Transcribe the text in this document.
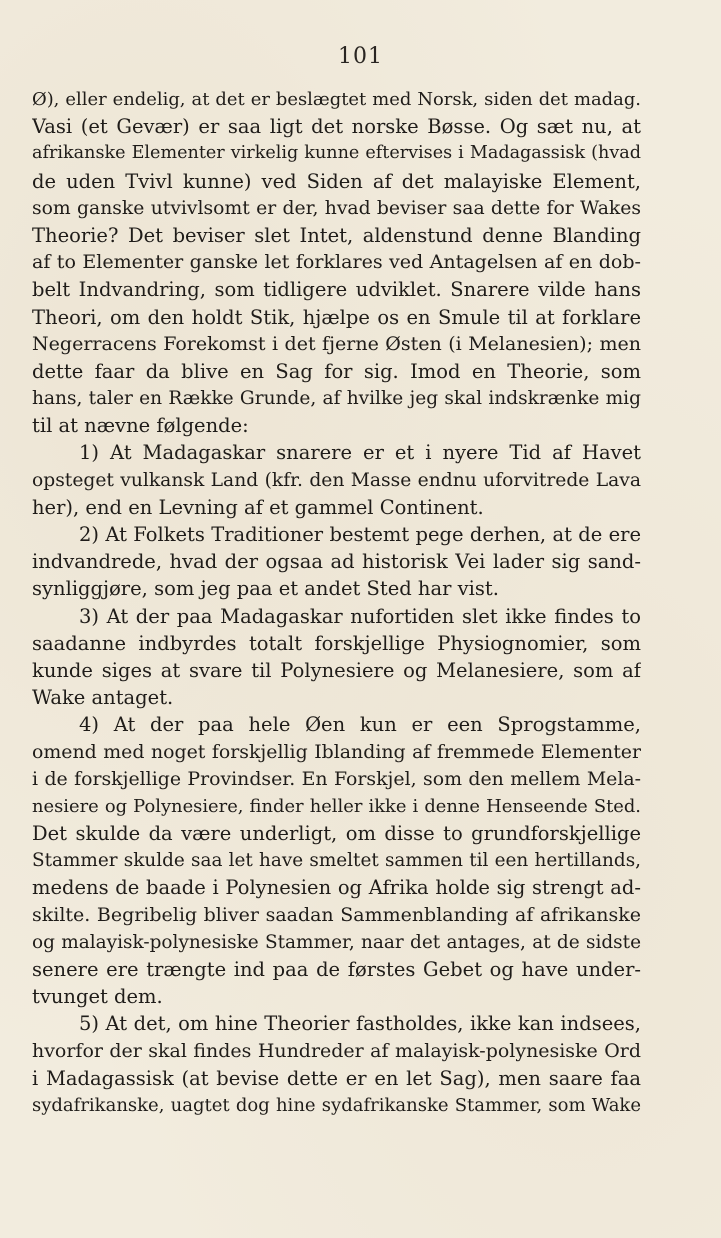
101
Ø), eller endelig, at det er beslægtet med Norsk, siden det madag.
Vasi (et Gevær) er saa ligt det norske Bøsse. Og sæt nu, at
afrikanske Elementer virkelig kunne eftervises i Madagassisk (hvad
de uden Tvivl kunne) ved Siden af det malayiske Element,
som ganske utvivlsomt er der, hvad beviser saa dette for Wakes
Theorie? Det beviser slet Intet, aldenstund denne Blanding
af to Elementer ganske let forklares ved Antagelsen af en dob-
belt Indvandring, som tidligere udviklet. Snarere vilde hans
Theori, om den holdt Stik, hjælpe os en Smule til at forklare
Negerracens Forekomst i det fjerne Østen (i Melanesien); men
dette faar da blive en Sag for sig. Imod en Theorie, som
hans, taler en Række Grunde, af hvilke jeg skal indskrænke mig
til at nævne følgende:
1) At Madagaskar snarere er et i nyere Tid af Havet
opsteget vulkansk Land (kfr. den Masse endnu uforvitrede Lava
her), end en Levning af et gammel Continent.
2) At Folkets Traditioner bestemt pege derhen, at de ere
indvandrede, hvad der ogsaa ad historisk Vei lader sig sand-
synliggjøre, som jeg paa et andet Sted har vist.
3) At der paa Madagaskar nufortiden slet ikke findes to
saadanne indbyrdes totalt forskjellige Physiognomier, som
kunde siges at svare til Polynesiere og Melanesiere, som af
Wake antaget.
4) At der paa hele Øen kun er een Sprogstamme,
omend med noget forskjellig Iblanding af fremmede Elementer
i de forskjellige Provindser. En Forskjel, som den mellem Mela-
nesiere og Polynesiere, finder heller ikke i denne Henseende Sted.
Det skulde da være underligt, om disse to grundforskjellige
Stammer skulde saa let have smeltet sammen til een hertillands,
medens de baade i Polynesien og Afrika holde sig strengt ad-
skilte. Begribelig bliver saadan Sammenblanding af afrikanske
og malayisk-polynesiske Stammer, naar det antages, at de sidste
senere ere trængte ind paa de førstes Gebet og have under-
tvunget dem.
5) At det, om hine Theorier fastholdes, ikke kan indsees,
hvorfor der skal findes Hundreder af malayisk-polynesiske Ord
i Madagassisk (at bevise dette er en let Sag), men saare faa
sydafrikanske, uagtet dog hine sydafrikanske Stammer, som Wake
